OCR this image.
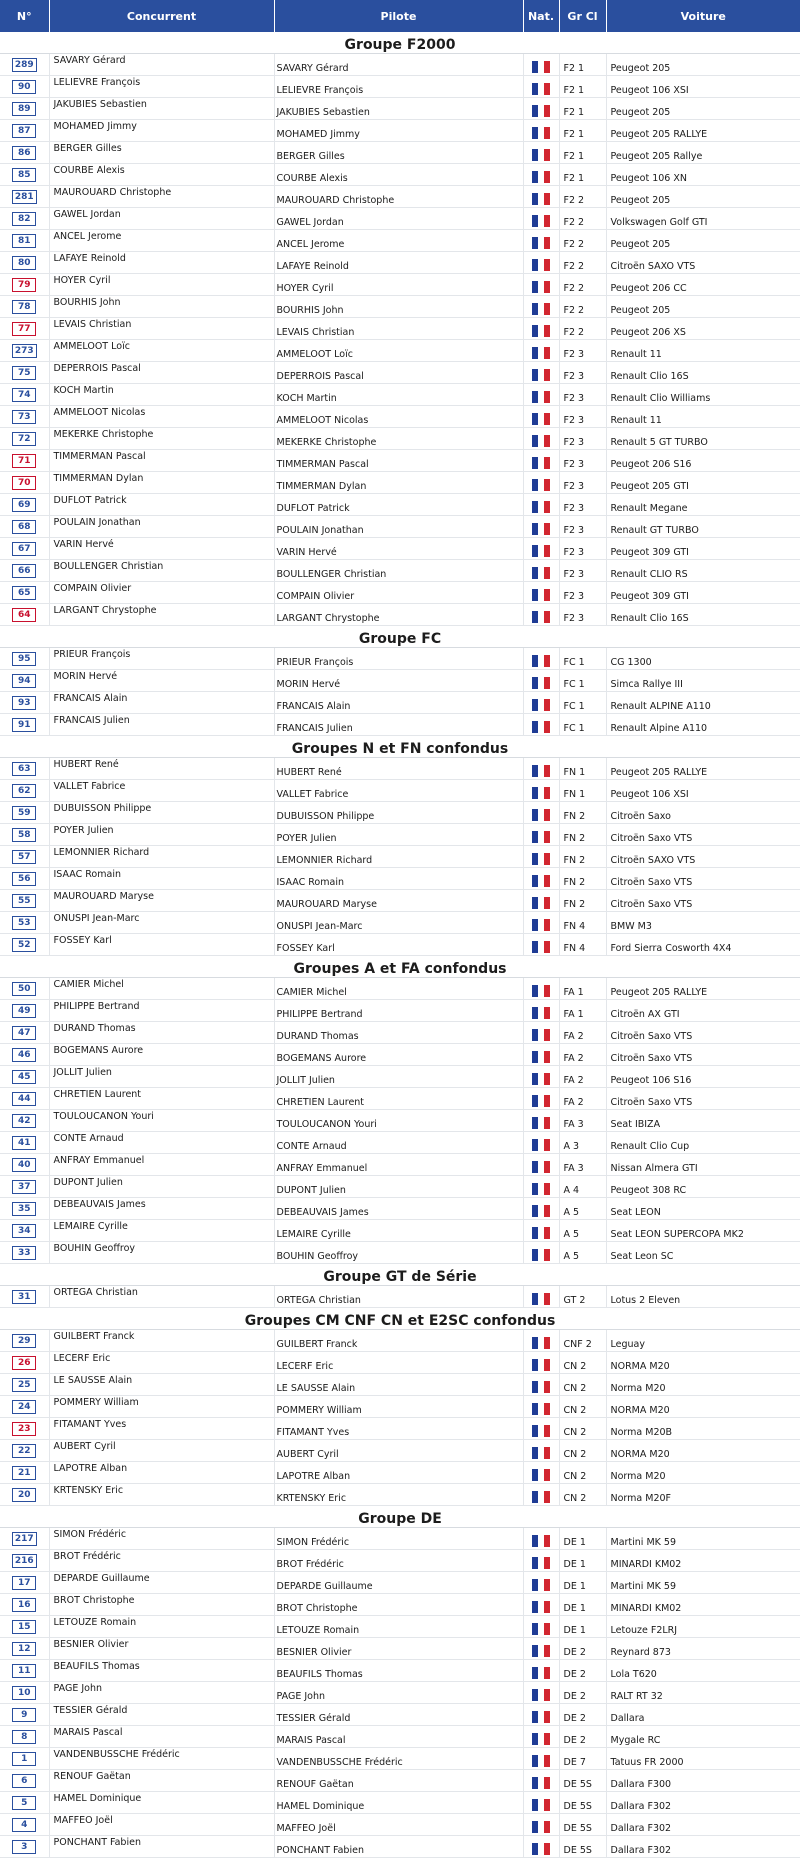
N°	Concurrent	Pilote	Nat.	Gr Cl	Voiture
Groupe F2000					
289	SAVARY Gérard	SAVARY Gérard		F2 1	Peugeot 205
90	LELIEVRE François	LELIEVRE François		F2 1	Peugeot 106 XSI
89	JAKUBIES Sebastien	JAKUBIES Sebastien		F2 1	Peugeot 205
87	MOHAMED Jimmy	MOHAMED Jimmy		F2 1	Peugeot 205 RALLYE
86	BERGER Gilles	BERGER Gilles		F2 1	Peugeot 205 Rallye
85	COURBE Alexis	COURBE Alexis		F2 1	Peugeot 106 XN
281	MAUROUARD Christophe	MAUROUARD Christophe		F2 2	Peugeot 205
82	GAWEL Jordan	GAWEL Jordan		F2 2	Volkswagen Golf GTI
81	ANCEL Jerome	ANCEL Jerome		F2 2	Peugeot 205
80	LAFAYE Reinold	LAFAYE Reinold		F2 2	Citroën SAXO VTS
79	HOYER Cyril	HOYER Cyril		F2 2	Peugeot 206 CC
78	BOURHIS John	BOURHIS John		F2 2	Peugeot 205
77	LEVAIS Christian	LEVAIS Christian		F2 2	Peugeot 206 XS
273	AMMELOOT Loïc	AMMELOOT Loïc		F2 3	Renault 11
75	DEPERROIS Pascal	DEPERROIS Pascal		F2 3	Renault Clio 16S
74	KOCH Martin	KOCH Martin		F2 3	Renault Clio Williams
73	AMMELOOT Nicolas	AMMELOOT Nicolas		F2 3	Renault 11
72	MEKERKE Christophe	MEKERKE Christophe		F2 3	Renault 5 GT TURBO
71	TIMMERMAN Pascal	TIMMERMAN Pascal		F2 3	Peugeot 206 S16
70	TIMMERMAN Dylan	TIMMERMAN Dylan		F2 3	Peugeot 205 GTI
69	DUFLOT Patrick	DUFLOT Patrick		F2 3	Renault Megane
68	POULAIN Jonathan	POULAIN Jonathan		F2 3	Renault GT TURBO
67	VARIN Hervé	VARIN Hervé		F2 3	Peugeot 309 GTI
66	BOULLENGER Christian	BOULLENGER Christian		F2 3	Renault CLIO RS
65	COMPAIN Olivier	COMPAIN Olivier		F2 3	Peugeot 309 GTI
64	LARGANT Chrystophe	LARGANT Chrystophe		F2 3	Renault Clio 16S
Groupe FC					
95	PRIEUR François	PRIEUR François		FC 1	CG 1300
94	MORIN Hervé	MORIN Hervé		FC 1	Simca Rallye III
93	FRANCAIS Alain	FRANCAIS Alain		FC 1	Renault ALPINE A110
91	FRANCAIS Julien	FRANCAIS Julien		FC 1	Renault Alpine A110
Groupes N et FN confondus					
63	HUBERT René	HUBERT René		FN 1	Peugeot 205 RALLYE
62	VALLET Fabrice	VALLET Fabrice		FN 1	Peugeot 106 XSI
59	DUBUISSON Philippe	DUBUISSON Philippe		FN 2	Citroën Saxo
58	POYER Julien	POYER Julien		FN 2	Citroën Saxo VTS
57	LEMONNIER Richard	LEMONNIER Richard		FN 2	Citroën SAXO VTS
56	ISAAC Romain	ISAAC Romain		FN 2	Citroën Saxo VTS
55	MAUROUARD Maryse	MAUROUARD Maryse		FN 2	Citroën Saxo VTS
53	ONUSPI Jean-Marc	ONUSPI Jean-Marc		FN 4	BMW M3
52	FOSSEY Karl	FOSSEY Karl		FN 4	Ford Sierra Cosworth 4X4
Groupes A et FA confondus					
50	CAMIER Michel	CAMIER Michel		FA 1	Peugeot 205 RALLYE
49	PHILIPPE Bertrand	PHILIPPE Bertrand		FA 1	Citroën AX GTI
47	DURAND Thomas	DURAND Thomas		FA 2	Citroën Saxo VTS
46	BOGEMANS Aurore	BOGEMANS Aurore		FA 2	Citroën Saxo VTS
45	JOLLIT Julien	JOLLIT Julien		FA 2	Peugeot 106 S16
44	CHRETIEN Laurent	CHRETIEN Laurent		FA 2	Citroën Saxo VTS
42	TOULOUCANON Youri	TOULOUCANON Youri		FA 3	Seat IBIZA
41	CONTE Arnaud	CONTE Arnaud		A 3	Renault Clio Cup
40	ANFRAY Emmanuel	ANFRAY Emmanuel		FA 3	Nissan Almera GTI
37	DUPONT Julien	DUPONT Julien		A 4	Peugeot 308 RC
35	DEBEAUVAIS James	DEBEAUVAIS James		A 5	Seat LEON
34	LEMAIRE Cyrille	LEMAIRE Cyrille		A 5	Seat LEON SUPERCOPA MK2
33	BOUHIN Geoffroy	BOUHIN Geoffroy		A 5	Seat Leon SC
Groupe GT de Série					
31	ORTEGA Christian	ORTEGA Christian		GT 2	Lotus 2 Eleven
Groupes CM CNF CN et E2SC confondus					
29	GUILBERT Franck	GUILBERT Franck		CNF 2	Leguay
26	LECERF Eric	LECERF Eric		CN 2	NORMA M20
25	LE SAUSSE Alain	LE SAUSSE Alain		CN 2	Norma M20
24	POMMERY William	POMMERY William		CN 2	NORMA M20
23	FITAMANT Yves	FITAMANT Yves		CN 2	Norma M20B
22	AUBERT Cyril	AUBERT Cyril		CN 2	NORMA M20
21	LAPOTRE Alban	LAPOTRE Alban		CN 2	Norma M20
20	KRTENSKY Eric	KRTENSKY Eric		CN 2	Norma M20F
Groupe DE					
217	SIMON Frédéric	SIMON Frédéric		DE 1	Martini MK 59
216	BROT Frédéric	BROT Frédéric		DE 1	MINARDI KM02
17	DEPARDE Guillaume	DEPARDE Guillaume		DE 1	Martini MK 59
16	BROT Christophe	BROT Christophe		DE 1	MINARDI KM02
15	LETOUZE Romain	LETOUZE Romain		DE 1	Letouze F2LRJ
12	BESNIER Olivier	BESNIER Olivier		DE 2	Reynard 873
11	BEAUFILS Thomas	BEAUFILS Thomas		DE 2	Lola T620
10	PAGE John	PAGE John		DE 2	RALT RT 32
9	TESSIER Gérald	TESSIER Gérald		DE 2	Dallara
8	MARAIS Pascal	MARAIS Pascal		DE 2	Mygale RC
1	VANDENBUSSCHE Frédéric	VANDENBUSSCHE Frédéric		DE 7	Tatuus FR 2000
6	RENOUF Gaëtan	RENOUF Gaëtan		DE 5S	Dallara F300
5	HAMEL Dominique	HAMEL Dominique		DE 5S	Dallara F302
4	MAFFEO Joël	MAFFEO Joël		DE 5S	Dallara F302
3	PONCHANT Fabien	PONCHANT Fabien		DE 5S	Dallara F302
